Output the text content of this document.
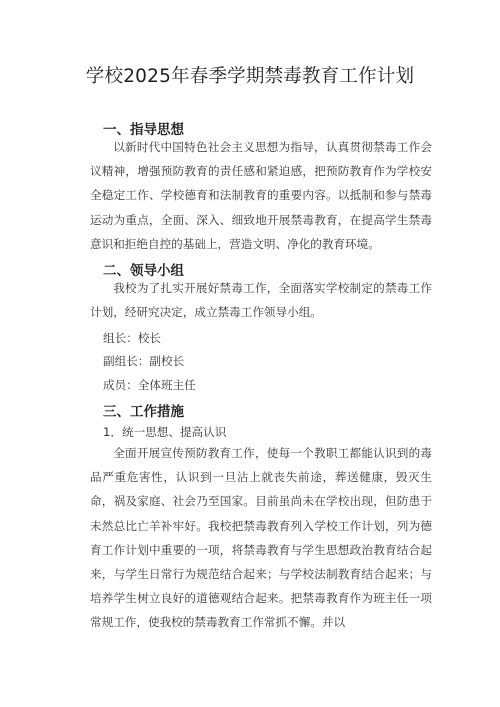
学校2025年春季学期禁毒教育工作计划
一、指导思想

以新时代中国特色社会主义思想为指导，认真贯彻禁毒工作会议精神，增强预防教育的责任感和紧迫感，把预防教育作为学校安全稳定工作、学校德育和法制教育的重要内容。以抵制和参与禁毒运动为重点，全面、深入、细致地开展禁毒教育，在提高学生禁毒意识和拒绝自控的基础上，营造文明、净化的教育环境。

二、领导小组

我校为了扎实开展好禁毒工作，全面落实学校制定的禁毒工作计划，经研究决定，成立禁毒工作领导小组。

组长：校长
副组长：副校长
成员：全体班主任
三、工作措施
1．统一思想、提高认识

全面开展宣传预防教育工作，使每一个教职工都能认识到的毒品严重危害性，认识到一旦沾上就丧失前途，葬送健康，毁灭生命，祸及家庭、社会乃至国家。目前虽尚未在学校出现，但防患于未然总比亡羊补牢好。我校把禁毒教育列入学校工作计划，列为德育工作计划中重要的一项，将禁毒教育与学生思想政治教育结合起来，与学生日常行为规范结合起来；与学校法制教育结合起来；与培养学生树立良好的道德观结合起来。把禁毒教育作为班主任一项常规工作，使我校的禁毒教育工作常抓不懈。并以
